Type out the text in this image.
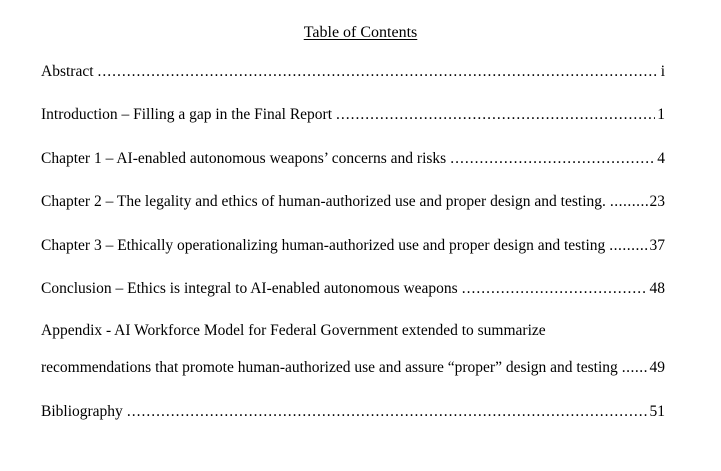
Table of Contents
Abstract .....	i
Introduction – Filling a gap in the Final Report .....	1
Chapter 1 – AI-enabled autonomous weapons’ concerns and risks .....	4
Chapter 2 – The legality and ethics of human-authorized use and proper design and testing. .....	23
Chapter 3 – Ethically operationalizing human-authorized use and proper design and testing .....	37
Conclusion – Ethics is integral to AI-enabled autonomous weapons .....	48
Appendix - AI Workforce Model for Federal Government extended to summarize
recommendations that promote human-authorized use and assure “proper” design and testing ..... 49
Bibliography .....	51
